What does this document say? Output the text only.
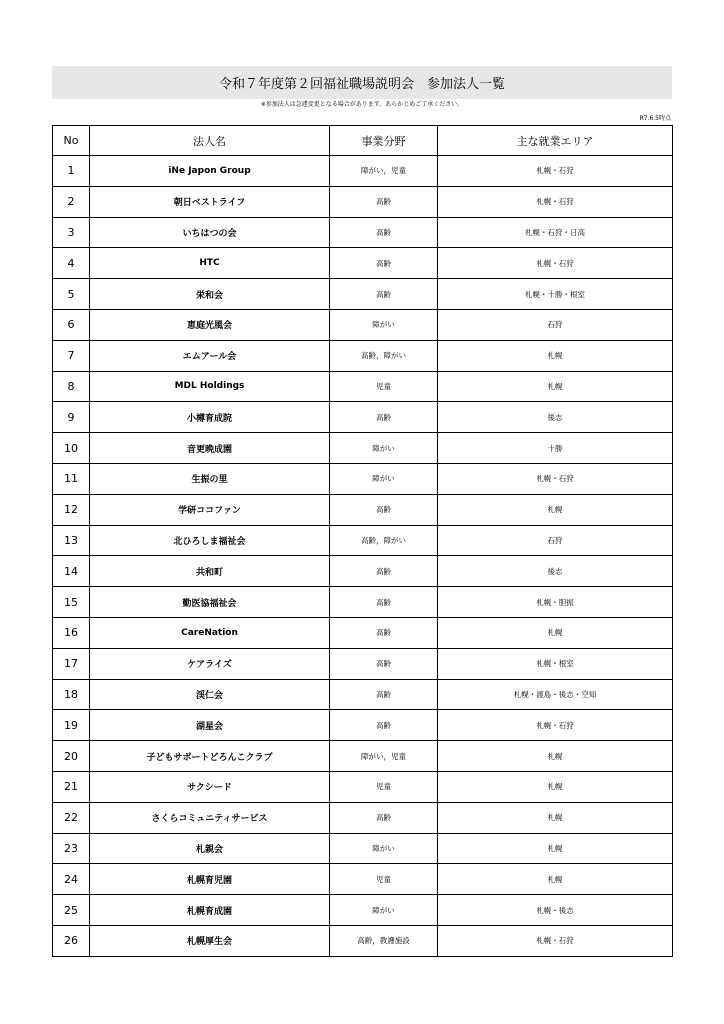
令和７年度第２回福祉職場説明会　参加法人一覧
※参加法人は急遽変更となる場合があります。あらかじめご了承ください。
R7.6.5時点
No	法人名	事業分野	主な就業エリア
1	iNe Japon Group	障がい，児童	札幌・石狩
2	朝日ベストライフ	高齢	札幌・石狩
3	いちはつの会	高齢	札幌・石狩・日高
4	HTC	高齢	札幌・石狩
5	栄和会	高齢	札幌・十勝・根室
6	恵庭光風会	障がい	石狩
7	エムアール会	高齢，障がい	札幌
8	MDL Holdings	児童	札幌
9	小樽育成院	高齢	後志
10	音更晩成園	障がい	十勝
11	生振の里	障がい	札幌・石狩
12	学研ココファン	高齢	札幌
13	北ひろしま福祉会	高齢，障がい	石狩
14	共和町	高齢	後志
15	勤医協福祉会	高齢	札幌・胆振
16	CareNation	高齢	札幌
17	ケアライズ	高齢	札幌・根室
18	渓仁会	高齢	札幌・渡島・後志・空知
19	湖星会	高齢	札幌・石狩
20	子どもサポートどろんこクラブ	障がい，児童	札幌
21	サクシード	児童	札幌
22	さくらコミュニティサービス	高齢	札幌
23	札親会	障がい	札幌
24	札幌育児園	児童	札幌
25	札幌育成園	障がい	札幌・後志
26	札幌厚生会	高齢，教護施設	札幌・石狩
